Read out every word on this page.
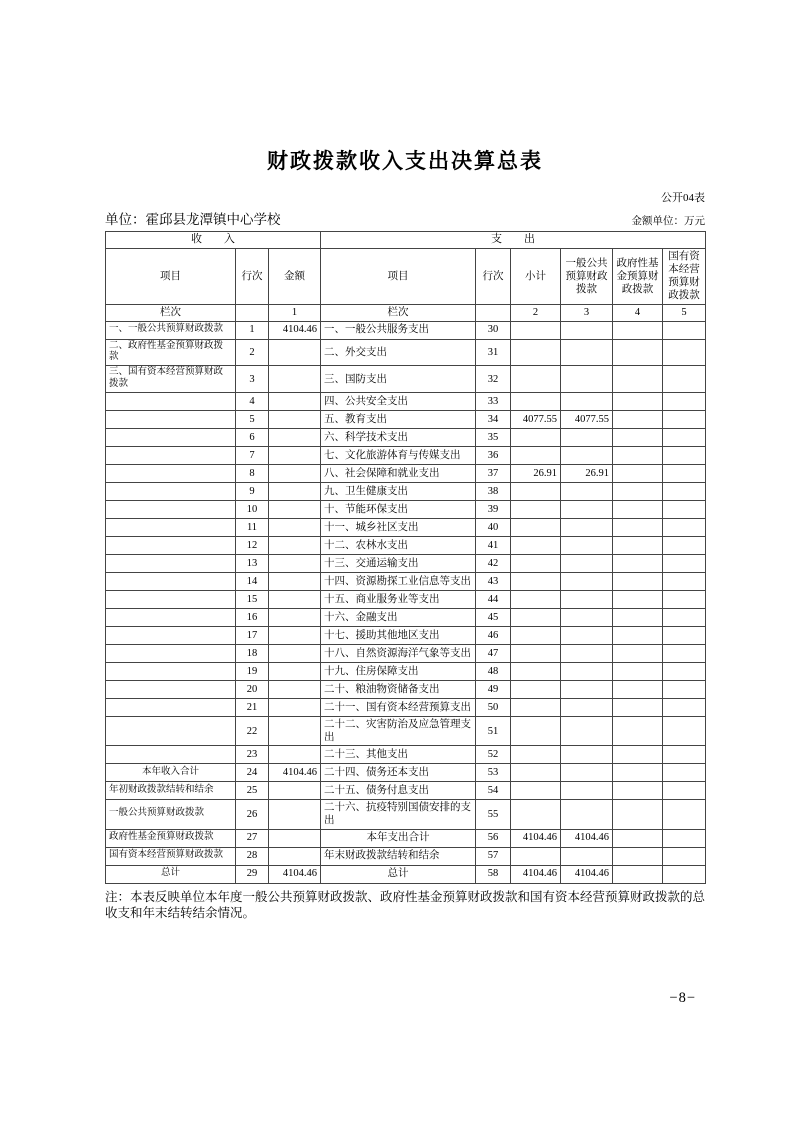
财政拨款收入支出决算总表
公开04表
单位：霍邱县龙潭镇中心学校	金额单位：万元
收　　入			支　　出					
项目	行次	金额	项目	行次	小计	一般公共预算财政拨款	政府性基金预算财政拨款	国有资本经营预算财政拨款
栏次		1	栏次		2	3	4	5
一、一般公共预算财政拨款	1	4104.46	一、一般公共服务支出	30				
二、政府性基金预算财政拨款	2		二、外交支出	31				
三、国有资本经营预算财政拨款	3		三、国防支出	32				
	4		四、公共安全支出	33				
	5		五、教育支出	34	4077.55	4077.55		
	6		六、科学技术支出	35				
	7		七、文化旅游体育与传媒支出	36				
	8		八、社会保障和就业支出	37	26.91	26.91		
	9		九、卫生健康支出	38				
	10		十、节能环保支出	39				
	11		十一、城乡社区支出	40				
	12		十二、农林水支出	41				
	13		十三、交通运输支出	42				
	14		十四、资源勘探工业信息等支出	43				
	15		十五、商业服务业等支出	44				
	16		十六、金融支出	45				
	17		十七、援助其他地区支出	46				
	18		十八、自然资源海洋气象等支出	47				
	19		十九、住房保障支出	48				
	20		二十、粮油物资储备支出	49				
	21		二十一、国有资本经营预算支出	50				
	22		二十二、灾害防治及应急管理支出	51				
	23		二十三、其他支出	52				
本年收入合计	24	4104.46	二十四、债务还本支出	53				
年初财政拨款结转和结余	25		二十五、债务付息支出	54				
一般公共预算财政拨款	26		二十六、抗疫特别国债安排的支出	55				
政府性基金预算财政拨款	27		本年支出合计	56	4104.46	4104.46		
国有资本经营预算财政拨款	28		年末财政拨款结转和结余	57				
总计	29	4104.46	总计	58	4104.46	4104.46		
注：本表反映单位本年度一般公共预算财政拨款、政府性基金预算财政拨款和国有资本经营预算财政拨款的总收支和年末结转结余情况。
−8−
